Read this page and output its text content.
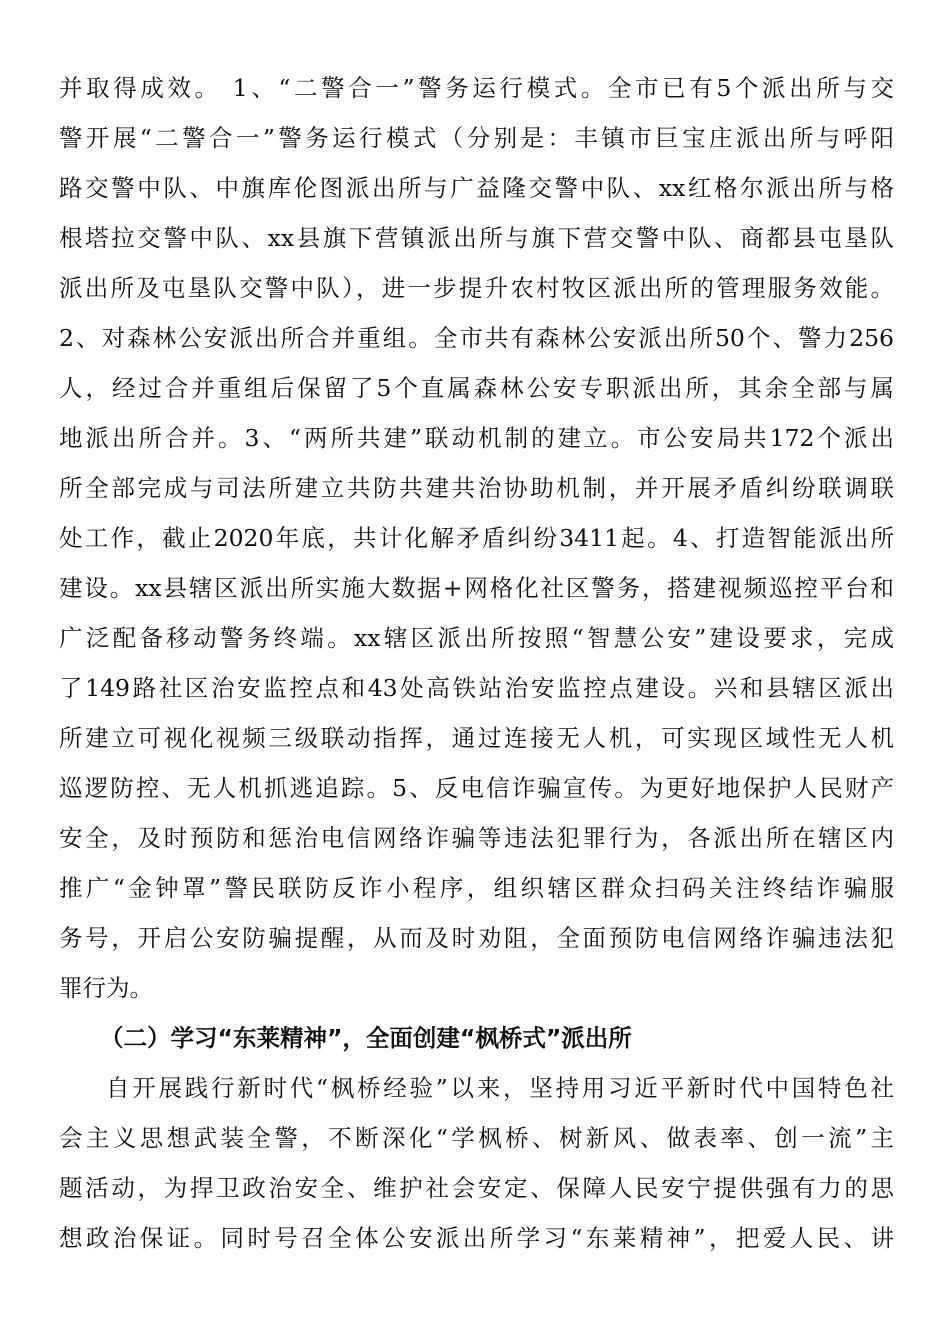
并取得成效。 1、“二警合一”警务运行模式。全市已有5个派出所与交
警开展“二警合一”警务运行模式（分别是：丰镇市巨宝庄派出所与呼阳
路交警中队、中旗库伦图派出所与广益隆交警中队、xx红格尔派出所与格
根塔拉交警中队、xx县旗下营镇派出所与旗下营交警中队、商都县屯垦队
派出所及屯垦队交警中队），进一步提升农村牧区派出所的管理服务效能。
2、对森林公安派出所合并重组。全市共有森林公安派出所50个、警力256
人，经过合并重组后保留了5个直属森林公安专职派出所，其余全部与属
地派出所合并。3、“两所共建”联动机制的建立。市公安局共172个派出
所全部完成与司法所建立共防共建共治协助机制，并开展矛盾纠纷联调联
处工作，截止2020年底，共计化解矛盾纠纷3411起。4、打造智能派出所
建设。xx县辖区派出所实施大数据+网格化社区警务，搭建视频巡控平台和
广泛配备移动警务终端。xx辖区派出所按照“智慧公安”建设要求，完成
了149路社区治安监控点和43处高铁站治安监控点建设。兴和县辖区派出
所建立可视化视频三级联动指挥，通过连接无人机，可实现区域性无人机
巡逻防控、无人机抓逃追踪。5、反电信诈骗宣传。为更好地保护人民财产
安全，及时预防和惩治电信网络诈骗等违法犯罪行为，各派出所在辖区内
推广“金钟罩”警民联防反诈小程序，组织辖区群众扫码关注终结诈骗服
务号，开启公安防骗提醒，从而及时劝阻，全面预防电信网络诈骗违法犯
罪行为。
（二）学习“东莱精神”，全面创建“枫桥式”派出所
自开展践行新时代“枫桥经验”以来，坚持用习近平新时代中国特色社
会主义思想武装全警，不断深化“学枫桥、树新风、做表率、创一流”主
题活动，为捍卫政治安全、维护社会安定、保障人民安宁提供强有力的思
想政治保证。同时号召全体公安派出所学习“东莱精神”，把爱人民、讲
